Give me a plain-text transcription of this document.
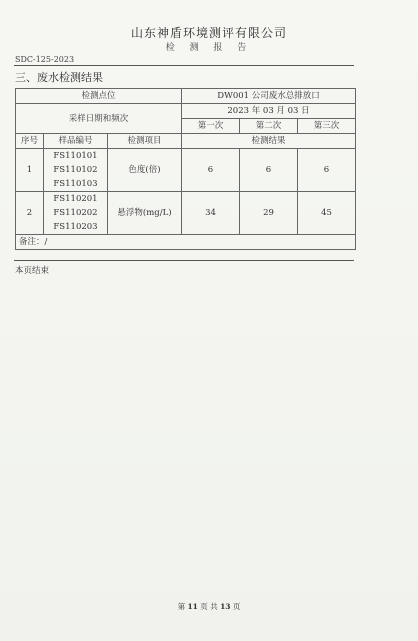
山东神盾环境测评有限公司
检 测 报 告
SDC-125-2023
三、废水检测结果
检测点位			DW001 公司废水总排放口		
采样日期和频次			2023 年 03 月 03 日		
			第一次	第二次	第三次
序号	样品编号	检测项目	检测结果		
1	FS110101
FS110102
FS110103	色度(倍)	6	6	6
2	FS110201
FS110202
FS110203	悬浮物(mg/L)	34	29	45
备注：/					
本页结束
第 11 页 共 13 页
